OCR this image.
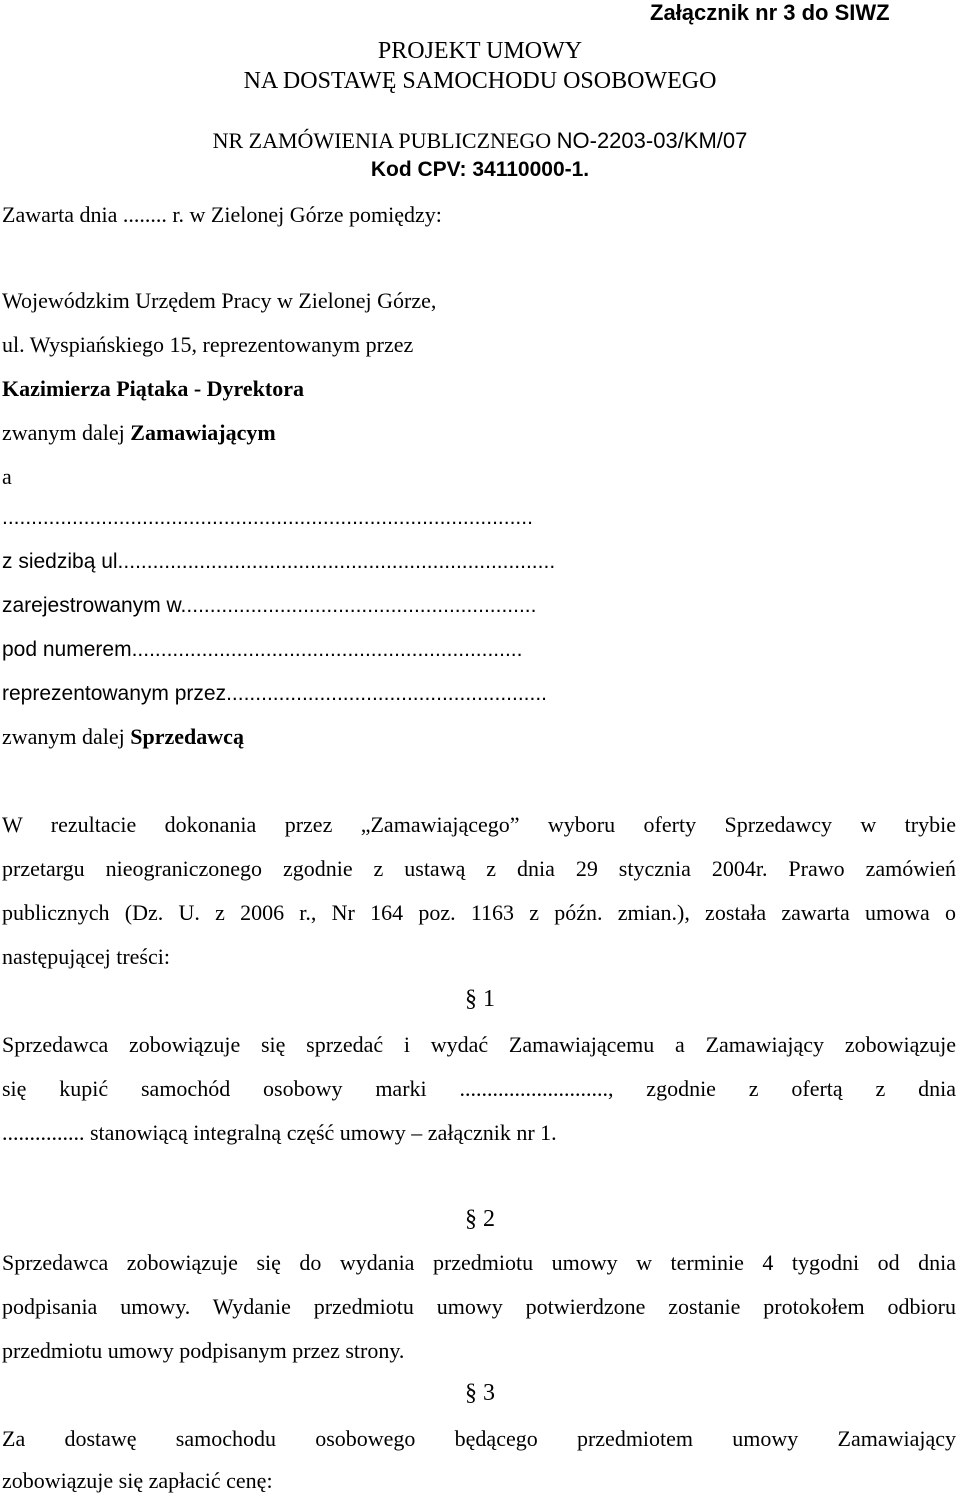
Załącznik nr 3 do SIWZ
PROJEKT UMOWY
NA DOSTAWĘ SAMOCHODU OSOBOWEGO
NR ZAMÓWIENIA PUBLICZNEGO NO-2203-03/KM/07
Kod CPV: 34110000-1.
Zawarta dnia ........ r. w Zielonej Górze pomiędzy:
Wojewódzkim Urzędem Pracy w Zielonej Górze,
ul. Wyspiańskiego 15, reprezentowanym przez
Kazimierza Piątaka - Dyrektora
zwanym dalej Zamawiającym
a
...........................................................................................
z siedzibą ul...........................................................................
zarejestrowanym w.............................................................
pod numerem...................................................................
reprezentowanym przez.......................................................
zwanym dalej Sprzedawcą
W rezultacie dokonania przez „Zamawiającego” wyboru oferty Sprzedawcy w trybie
przetargu nieograniczonego zgodnie z ustawą z dnia 29 stycznia 2004r. Prawo zamówień
publicznych (Dz. U. z 2006 r., Nr 164 poz. 1163 z późn. zmian.), została zawarta umowa o
następującej treści:
§ 1
Sprzedawca zobowiązuje się sprzedać i wydać Zamawiającemu a Zamawiający zobowiązuje
się kupić samochód osobowy marki ..........................., zgodnie z ofertą z dnia
............... stanowiącą integralną część umowy – załącznik nr 1.
§ 2
Sprzedawca zobowiązuje się do wydania przedmiotu umowy w terminie 4 tygodni od dnia
podpisania umowy. Wydanie przedmiotu umowy potwierdzone zostanie protokołem odbioru
przedmiotu umowy podpisanym przez strony.
§ 3
Za dostawę samochodu osobowego będącego przedmiotem umowy Zamawiający
zobowiązuje się zapłacić cenę:
